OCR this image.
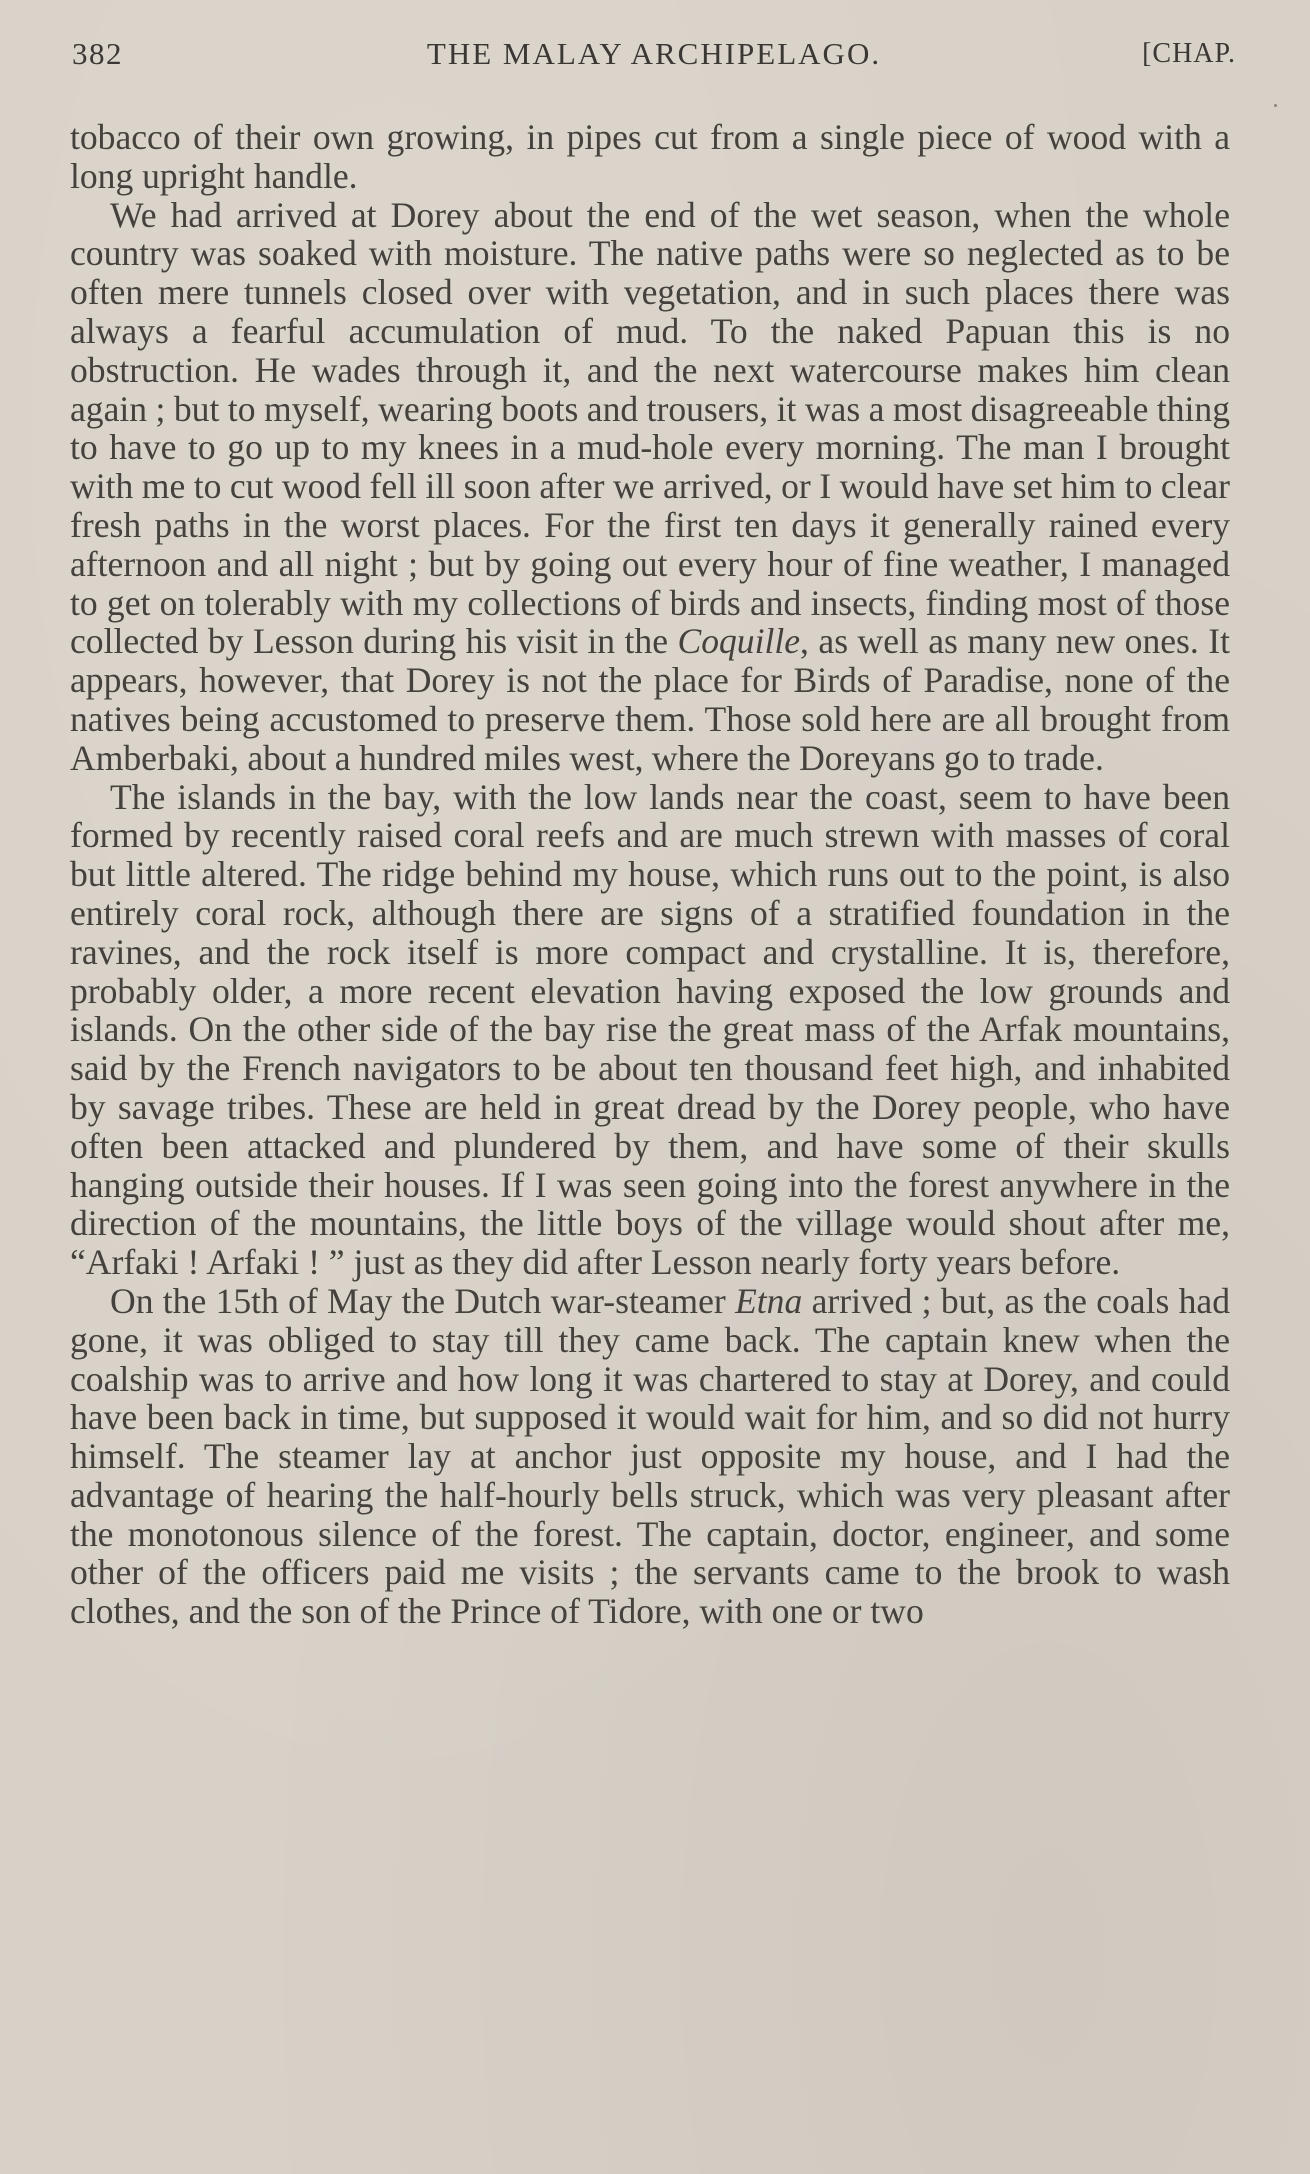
382	THE MALAY ARCHIPELAGO.	[CHAP.

tobacco of their own growing, in pipes cut from a single piece of wood with a long upright handle.

We had arrived at Dorey about the end of the wet season, when the whole country was soaked with moisture. The native paths were so neglected as to be often mere tunnels closed over with vegetation, and in such places there was always a fearful accumulation of mud. To the naked Papuan this is no obstruction. He wades through it, and the next watercourse makes him clean again ; but to myself, wearing boots and trousers, it was a most disagreeable thing to have to go up to my knees in a mud-hole every morning. The man I brought with me to cut wood fell ill soon after we arrived, or I would have set him to clear fresh paths in the worst places. For the first ten days it generally rained every afternoon and all night ; but by going out every hour of fine weather, I managed to get on tolerably with my collections of birds and insects, finding most of those collected by Lesson during his visit in the Coquille, as well as many new ones. It appears, however, that Dorey is not the place for Birds of Paradise, none of the natives being accustomed to preserve them. Those sold here are all brought from Amberbaki, about a hundred miles west, where the Doreyans go to trade.

The islands in the bay, with the low lands near the coast, seem to have been formed by recently raised coral reefs and are much strewn with masses of coral but little altered. The ridge behind my house, which runs out to the point, is also entirely coral rock, although there are signs of a stratified foundation in the ravines, and the rock itself is more compact and crystalline. It is, therefore, probably older, a more recent elevation having exposed the low grounds and islands. On the other side of the bay rise the great mass of the Arfak mountains, said by the French navigators to be about ten thousand feet high, and inhabited by savage tribes. These are held in great dread by the Dorey people, who have often been attacked and plundered by them, and have some of their skulls hanging outside their houses. If I was seen going into the forest anywhere in the direction of the mountains, the little boys of the village would shout after me, “Arfaki ! Arfaki ! ” just as they did after Lesson nearly forty years before.

On the 15th of May the Dutch war-steamer Etna arrived ; but, as the coals had gone, it was obliged to stay till they came back. The captain knew when the coalship was to arrive and how long it was chartered to stay at Dorey, and could have been back in time, but supposed it would wait for him, and so did not hurry himself. The steamer lay at anchor just opposite my house, and I had the advantage of hearing the half-hourly bells struck, which was very pleasant after the monotonous silence of the forest. The captain, doctor, engineer, and some other of the officers paid me visits ; the servants came to the brook to wash clothes, and the son of the Prince of Tidore, with one or two
